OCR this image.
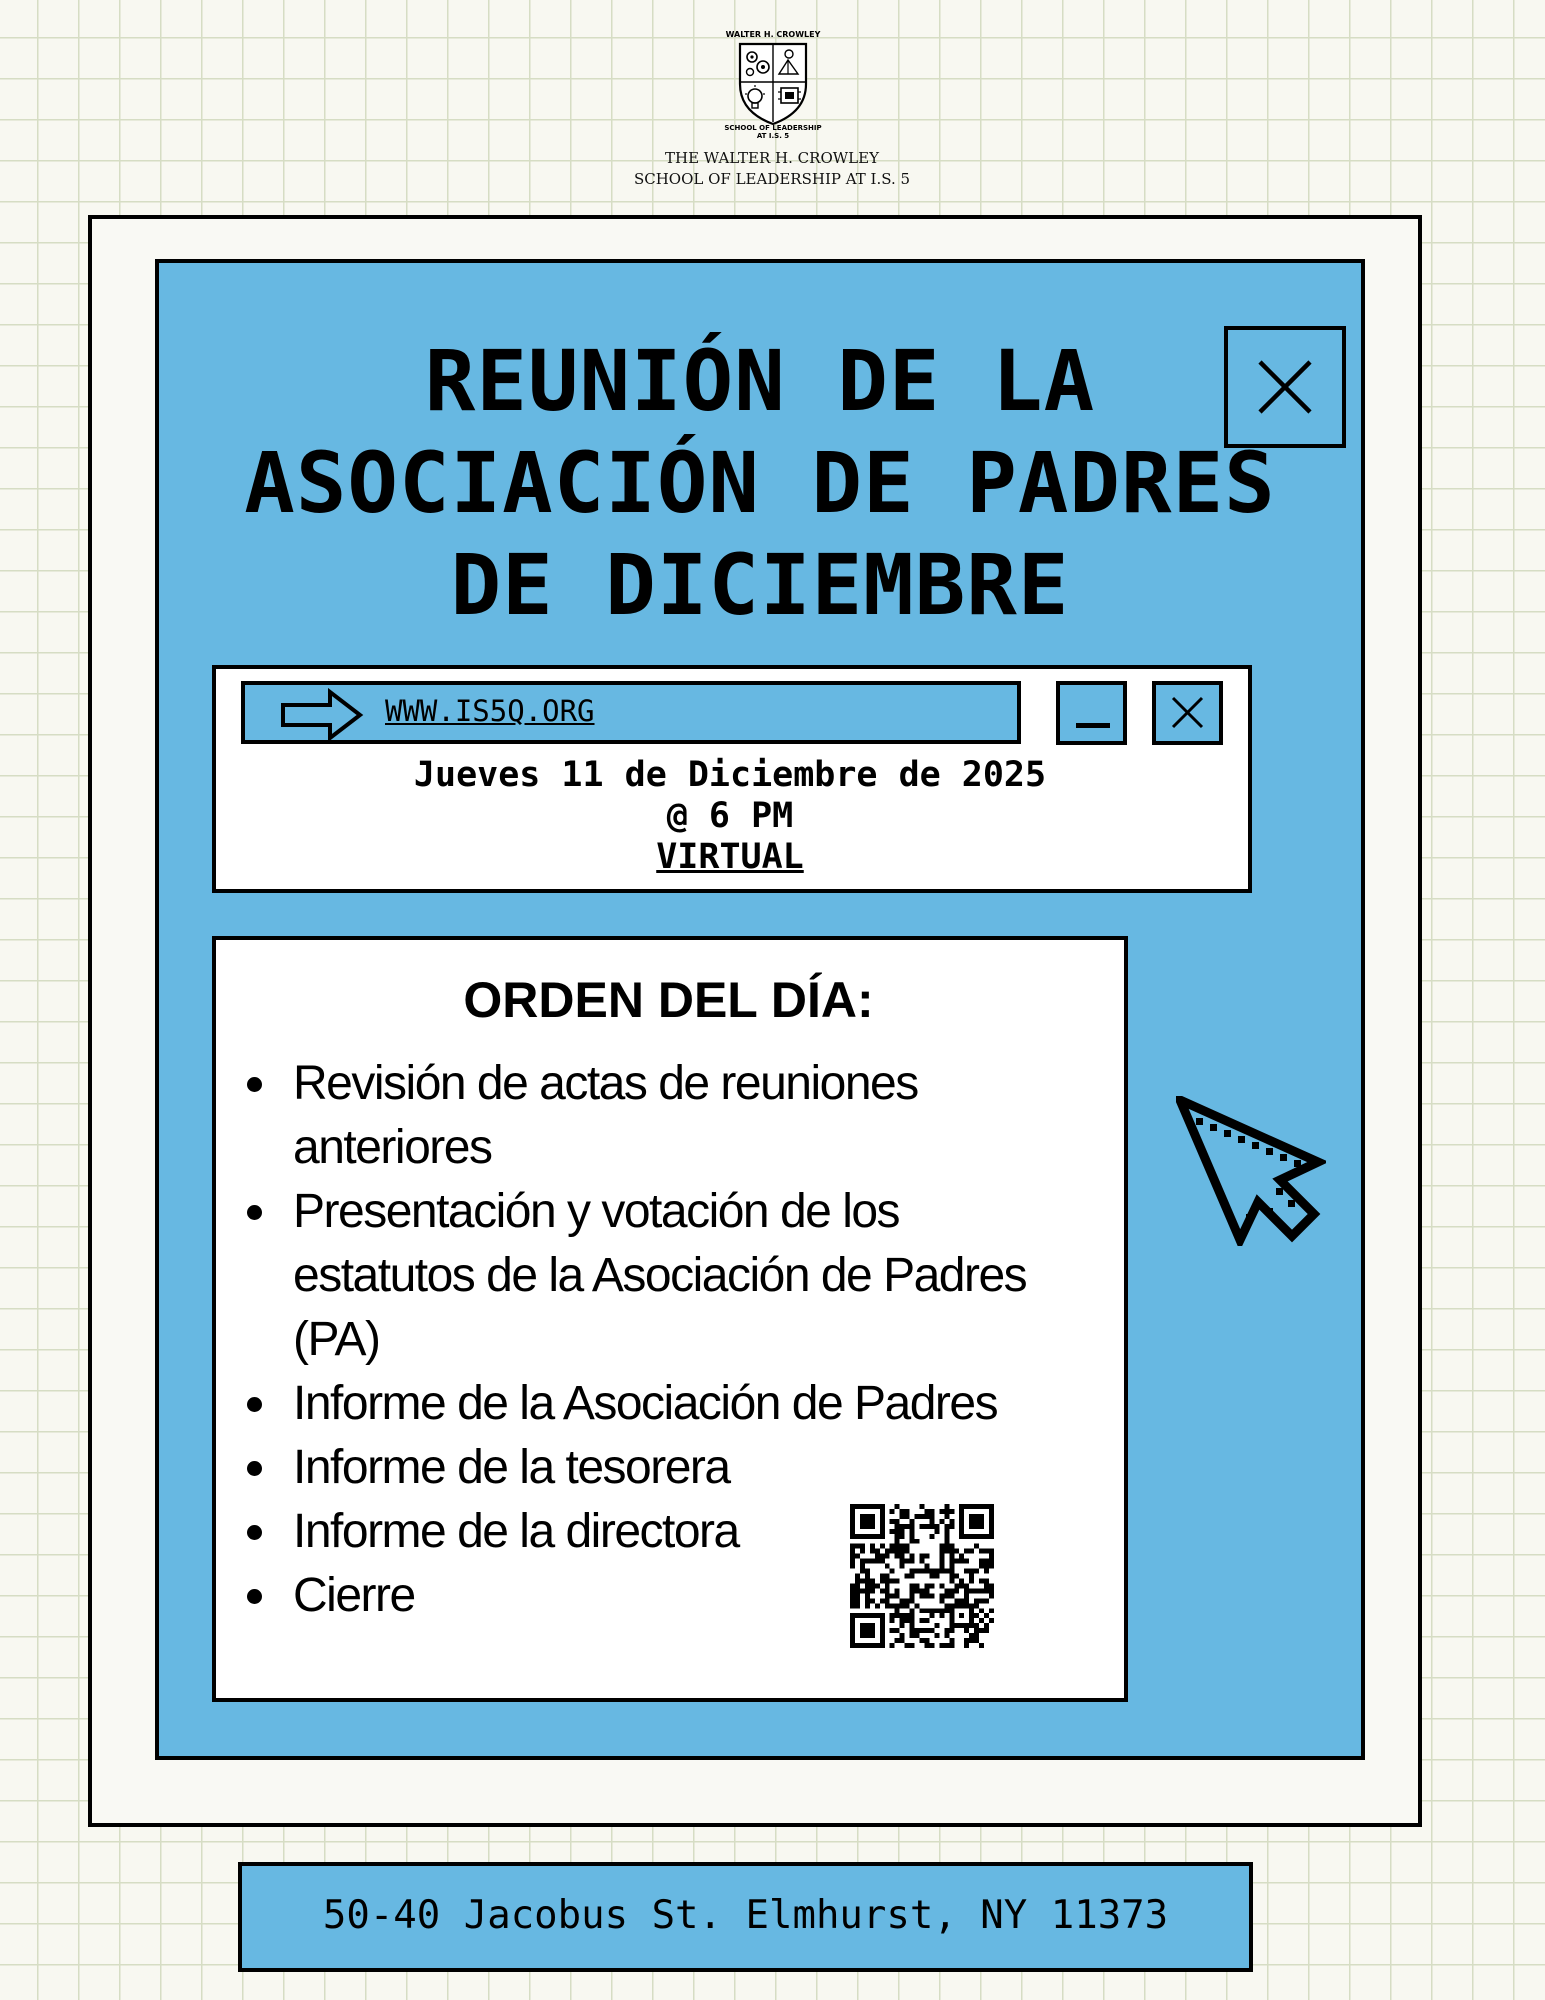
WALTER H. CROWLEY
SCHOOL OF LEADERSHIP
AT I.S. 5
THE WALTER H. CROWLEY
SCHOOL OF LEADERSHIP AT I.S. 5
REUNIÓN DE LA
ASOCIACIÓN DE PADRES
DE DICIEMBRE
WWW.IS5Q.ORG
Jueves 11 de Diciembre de 2025
@ 6 PM
VIRTUAL
ORDEN DEL DÍA:
Revisión de actas de reuniones anteriores
Presentación y votación de los estatutos de la Asociación de Padres (PA)
Informe de la Asociación de Padres
Informe de la tesorera
Informe de la directora
Cierre
50-40 Jacobus St. Elmhurst, NY 11373
